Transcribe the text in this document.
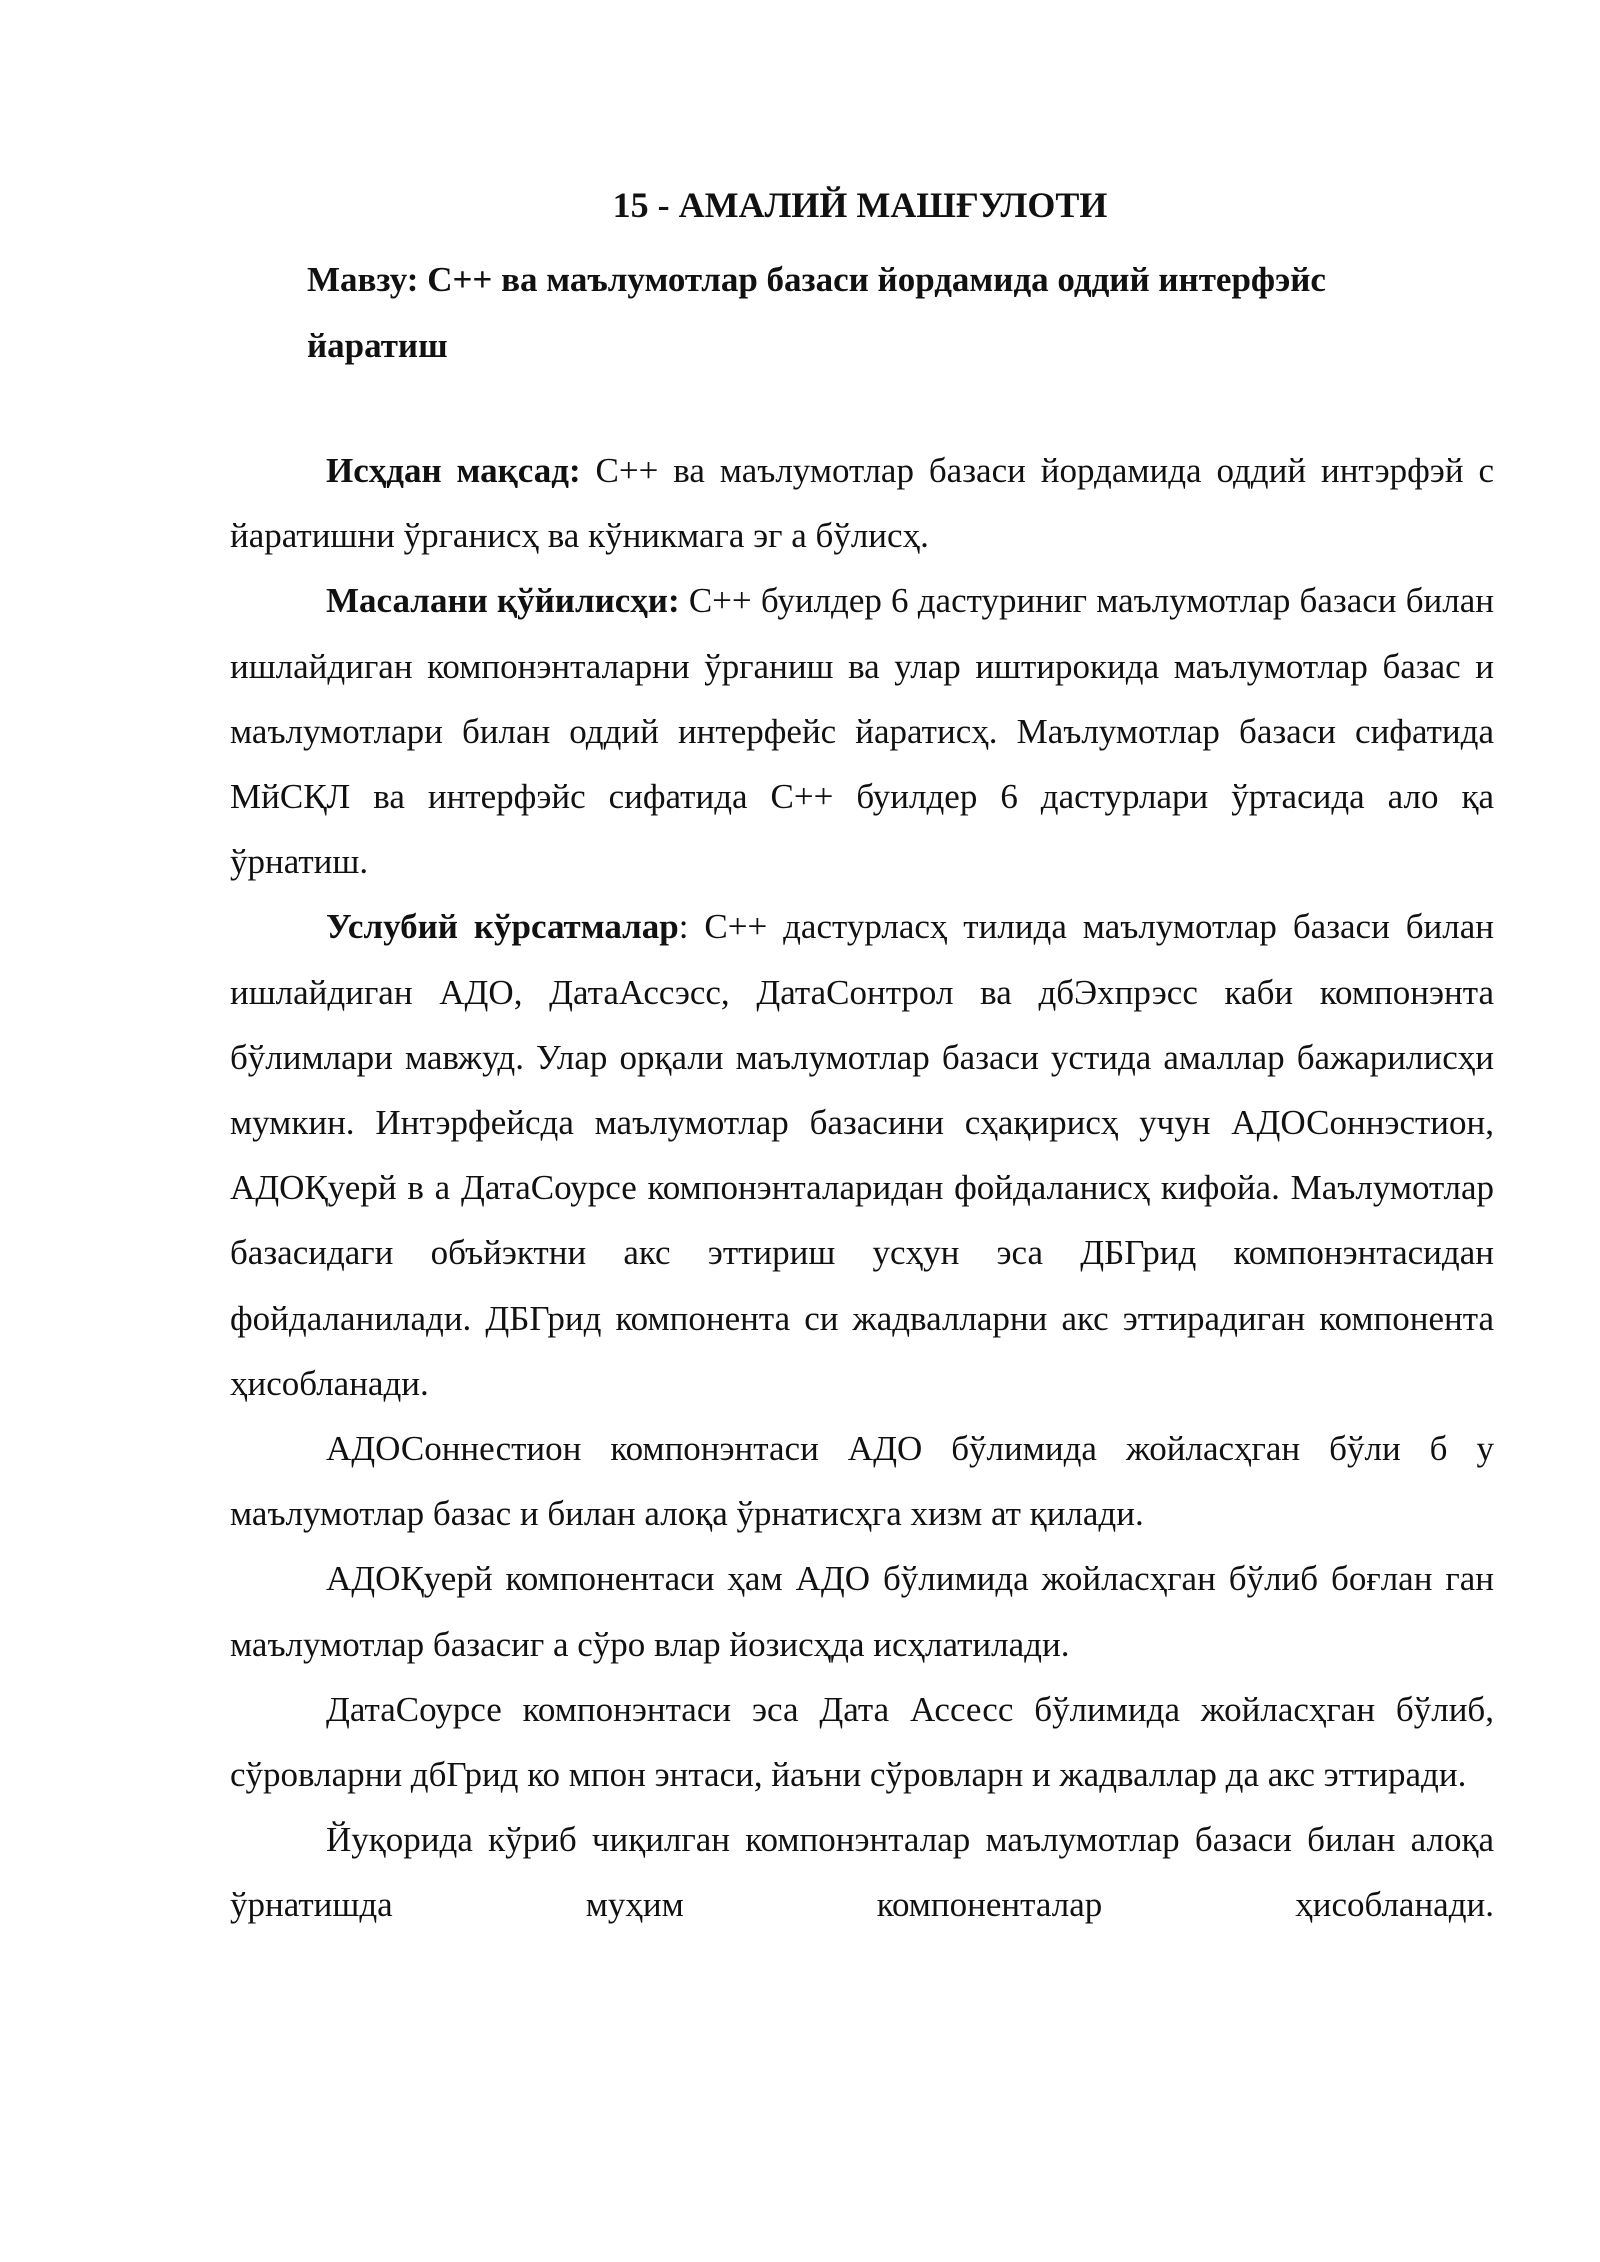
15 - АМАЛИЙ МАШҒУЛОТИ
Мавзу: С++ ва маълумотлар базаси йордамида оддий интерфэйс йаратиш

Исҳдан мақсад: С++ ва маълумотлар базаси йордамида оддий интэрфэй с йаратишни ўрганисҳ ва кўникмага эг а бўлисҳ.

Масалани қўйилисҳи: С++ буилдер 6 дастуриниг маълумотлар базаси билан ишлайдиган компонэнталарни ўрганиш ва улар иштирокида маълумотлар базас и маълумотлари билан оддий интерфейс йаратисҳ. Маълумотлар базаси сифатида МйСҚЛ ва интерфэйс сифатида С++ буилдер 6 дастурлари ўртасида ало қа ўрнатиш.

Услубий кўрсатмалар: С++ дастурласҳ тилида маълумотлар базаси билан ишлайдиган АДО, ДатаАссэсс, ДатаСонтрол ва дбЭхпрэсс каби компонэнта бўлимлари мавжуд. Улар орқали маълумотлар базаси устида амаллар бажарилисҳи мумкин. Интэрфейсда маълумотлар базасини сҳақирисҳ учун АДОСоннэстион, АДОҚуерй в а ДатаСоурсе компонэнталаридан фойдаланисҳ кифойа. Маълумотлар базасидаги объйэктни акс эттириш усҳун эса ДБГрид компонэнтасидан фойдаланилади. ДБГрид компонента си жадвалларни акс эттирадиган компонента ҳисобланади.

АДОСоннестион компонэнтаси АДО бўлимида жойласҳган бўли б у маълумотлар базас и билан алоқа ўрнатисҳга хизм ат қилади.

АДОҚуерй компонентаси ҳам АДО бўлимида жойласҳган бўлиб боғлан ган маълумотлар базасиг а сўро влар йозисҳда исҳлатилади.

ДатаСоурсе компонэнтаси эса Дата Ассесс бўлимида жойласҳган бўлиб, сўровларни дбГрид ко мпон энтаси, йаъни сўровларн и жадваллар да акс эттиради.

Йуқорида кўриб чиқилган компонэнталар маълумотлар базаси билан алоқа ўрнатишда муҳим компоненталар ҳисобланади.
